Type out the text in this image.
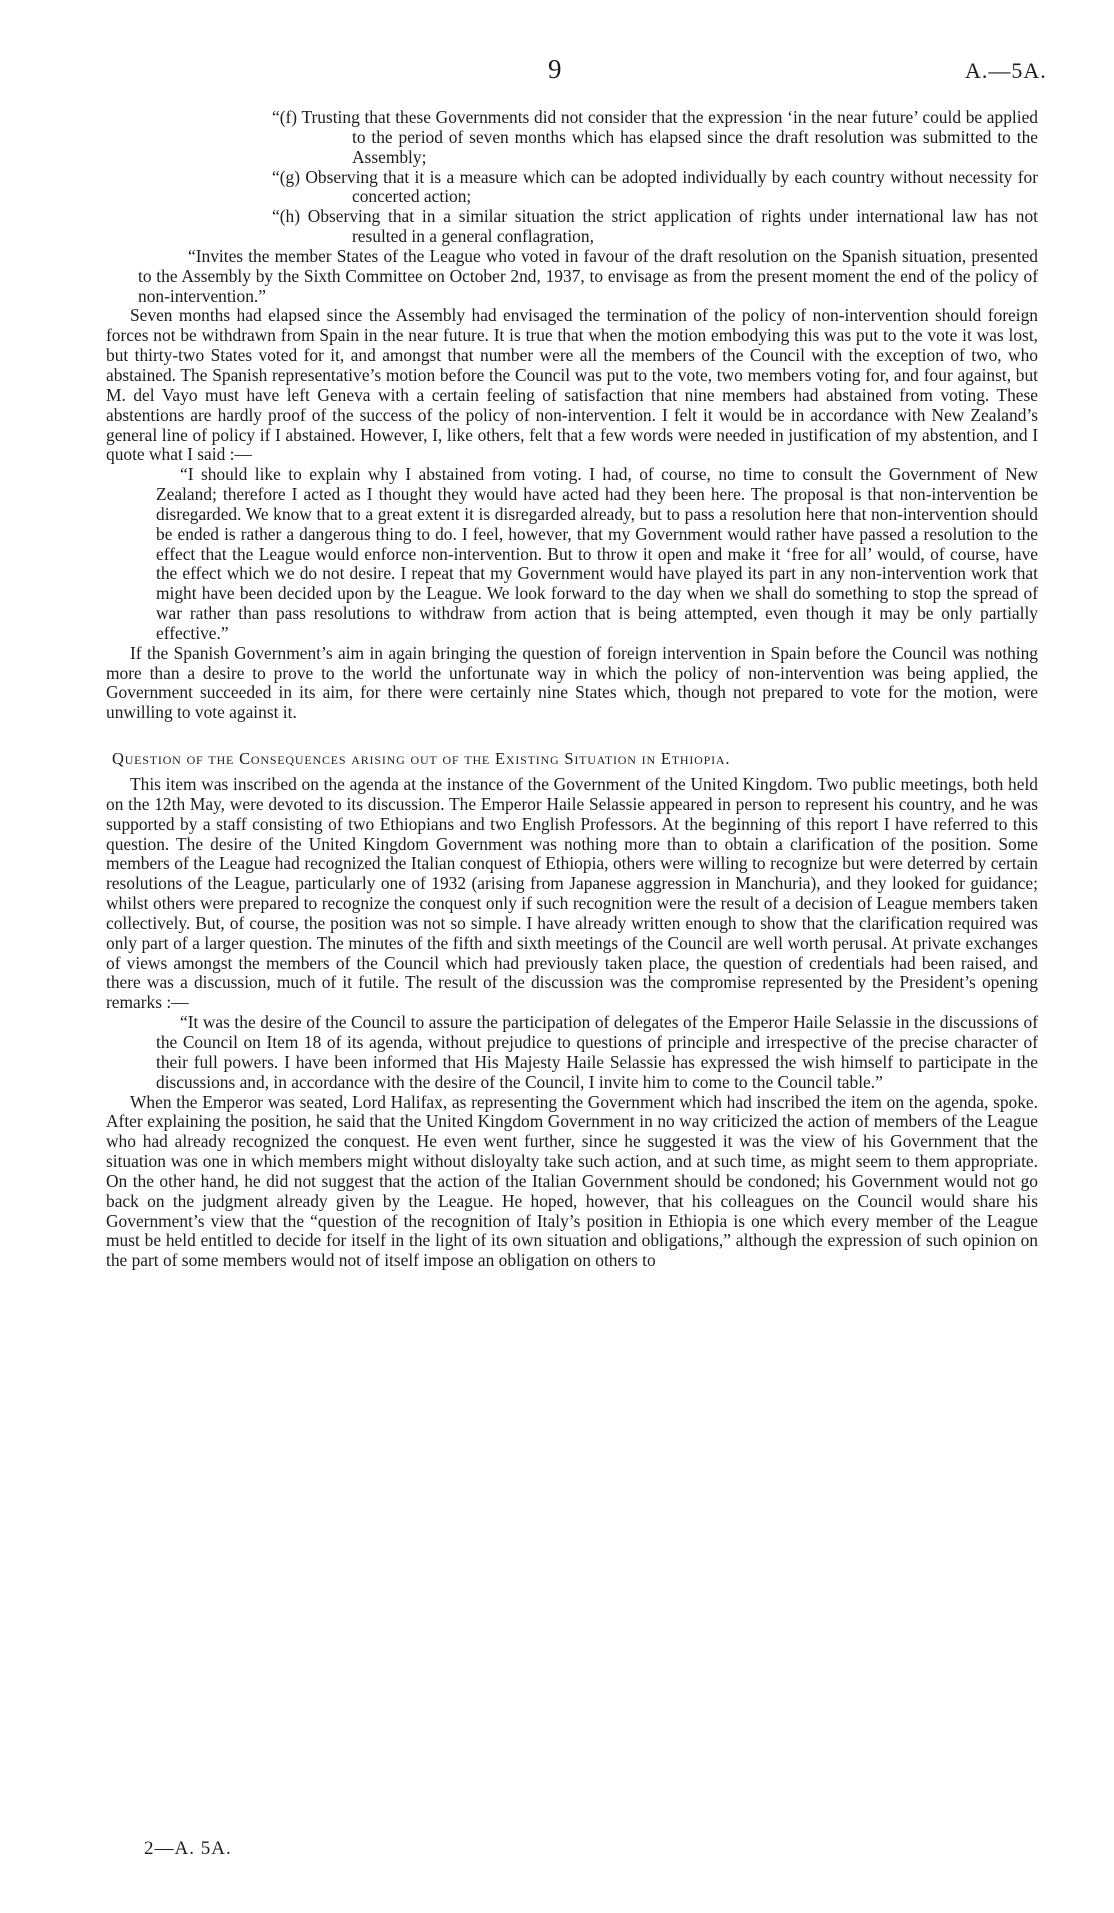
9	A.—5A.

“(f) Trusting that these Governments did not consider that the expression ‘in the near future’ could be applied to the period of seven months which has elapsed since the draft resolution was submitted to the Assembly;

“(g) Observing that it is a measure which can be adopted individually by each country without necessity for concerted action;

“(h) Observing that in a similar situation the strict application of rights under international law has not resulted in a general conflagration,

“Invites the member States of the League who voted in favour of the draft resolution on the Spanish situation, presented to the Assembly by the Sixth Committee on October 2nd, 1937, to envisage as from the present moment the end of the policy of non-intervention.”

Seven months had elapsed since the Assembly had envisaged the termination of the policy of non-intervention should foreign forces not be withdrawn from Spain in the near future. It is true that when the motion embodying this was put to the vote it was lost, but thirty-two States voted for it, and amongst that number were all the members of the Council with the exception of two, who abstained. The Spanish representative’s motion before the Council was put to the vote, two members voting for, and four against, but M. del Vayo must have left Geneva with a certain feeling of satisfaction that nine members had abstained from voting. These abstentions are hardly proof of the success of the policy of non-intervention. I felt it would be in accordance with New Zealand’s general line of policy if I abstained. However, I, like others, felt that a few words were needed in justification of my abstention, and I quote what I said :—

“I should like to explain why I abstained from voting. I had, of course, no time to consult the Government of New Zealand; therefore I acted as I thought they would have acted had they been here. The proposal is that non-intervention be disregarded. We know that to a great extent it is disregarded already, but to pass a resolution here that non-intervention should be ended is rather a dangerous thing to do. I feel, however, that my Government would rather have passed a resolution to the effect that the League would enforce non-intervention. But to throw it open and make it ‘free for all’ would, of course, have the effect which we do not desire. I repeat that my Government would have played its part in any non-intervention work that might have been decided upon by the League. We look forward to the day when we shall do something to stop the spread of war rather than pass resolutions to withdraw from action that is being attempted, even though it may be only partially effective.”

If the Spanish Government’s aim in again bringing the question of foreign intervention in Spain before the Council was nothing more than a desire to prove to the world the unfortunate way in which the policy of non-intervention was being applied, the Government succeeded in its aim, for there were certainly nine States which, though not prepared to vote for the motion, were unwilling to vote against it.

Question of the Consequences arising out of the Existing Situation in Ethiopia.

This item was inscribed on the agenda at the instance of the Government of the United Kingdom. Two public meetings, both held on the 12th May, were devoted to its discussion. The Emperor Haile Selassie appeared in person to represent his country, and he was supported by a staff consisting of two Ethiopians and two English Professors. At the beginning of this report I have referred to this question. The desire of the United Kingdom Government was nothing more than to obtain a clarification of the position. Some members of the League had recognized the Italian conquest of Ethiopia, others were willing to recognize but were deterred by certain resolutions of the League, particularly one of 1932 (arising from Japanese aggression in Manchuria), and they looked for guidance; whilst others were prepared to recognize the conquest only if such recognition were the result of a decision of League members taken collectively. But, of course, the position was not so simple. I have already written enough to show that the clarification required was only part of a larger question. The minutes of the fifth and sixth meetings of the Council are well worth perusal. At private exchanges of views amongst the members of the Council which had previously taken place, the question of credentials had been raised, and there was a discussion, much of it futile. The result of the discussion was the compromise represented by the President’s opening remarks :—

“It was the desire of the Council to assure the participation of delegates of the Emperor Haile Selassie in the discussions of the Council on Item 18 of its agenda, without prejudice to questions of principle and irrespective of the precise character of their full powers. I have been informed that His Majesty Haile Selassie has expressed the wish himself to participate in the discussions and, in accordance with the desire of the Council, I invite him to come to the Council table.”

When the Emperor was seated, Lord Halifax, as representing the Government which had inscribed the item on the agenda, spoke. After explaining the position, he said that the United Kingdom Government in no way criticized the action of members of the League who had already recognized the conquest. He even went further, since he suggested it was the view of his Government that the situation was one in which members might without disloyalty take such action, and at such time, as might seem to them appropriate. On the other hand, he did not suggest that the action of the Italian Government should be condoned; his Government would not go back on the judgment already given by the League. He hoped, however, that his colleagues on the Council would share his Government’s view that the “question of the recognition of Italy’s position in Ethiopia is one which every member of the League must be held entitled to decide for itself in the light of its own situation and obligations,” although the expression of such opinion on the part of some members would not of itself impose an obligation on others to

2—A. 5A.
